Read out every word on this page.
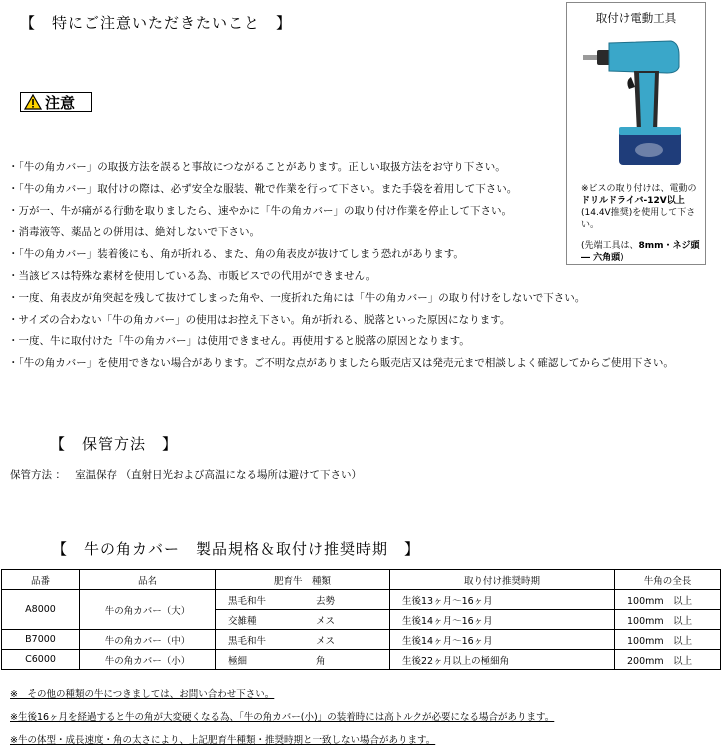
【　特にご注意いただきたいこと　】
注意
・「牛の角カバー」の取扱方法を誤ると事故につながることがあります。正しい取扱方法をお守り下さい。
・「牛の角カバー」取付けの際は、必ず安全な服装、靴で作業を行って下さい。また手袋を着用して下さい。
・万が一、牛が痛がる行動を取りましたら、速やかに「牛の角カバー」の取り付け作業を停止して下さい。
・消毒液等、薬品との併用は、絶対しないで下さい。
・「牛の角カバー」装着後にも、角が折れる、また、角の角表皮が抜けてしまう恐れがあります。
・当該ビスは特殊な素材を使用している為、市販ビスでの代用ができません。
・一度、角表皮が角突起を残して抜けてしまった角や、一度折れた角には「牛の角カバー」の取り付けをしないで下さい。
・サイズの合わない「牛の角カバー」の使用はお控え下さい。角が折れる、脱落といった原因になります。
・一度、牛に取付けた「牛の角カバー」は使用できません。再使用すると脱落の原因となります。
・「牛の角カバー」を使用できない場合があります。ご不明な点がありましたら販売店又は発売元まで相談しよく確認してからご使用下さい。
取付け電動工具
※ビスの取り付けは、電動のドリルドライバ-12V以上(14.4V推奨)を使用して下さい。
(先端工具は、8mm・ネジ頭 ― 六角頭)
【　保管方法　】
保管方法 ： 室温保存 （直射日光および高温になる場所は避けて下さい）
【　牛の角カバー　製品規格＆取付け推奨時期　】
品番	品名	肥育牛　種類	取り付け推奨時期	牛角の全長
A8000	牛の角カバー（大）	黒毛和牛 去勢	生後13ヶ月～16ヶ月	100mm　以上
		交雑種 メス	生後14ヶ月～16ヶ月	100mm　以上
B7000	牛の角カバー（中）	黒毛和牛 メス	生後14ヶ月～16ヶ月	100mm　以上
C6000	牛の角カバー（小）	極細 角	生後22ヶ月以上の極細角	200mm　以上
※　その他の種類の牛につきましては、お問い合わせ下さい。
※生後16ヶ月を経過すると牛の角が大変硬くなる為、「牛の角カバー(小)」の装着時には高トルクが必要になる場合があります。
※牛の体型・成長速度・角の太さにより、上記肥育牛種類・推奨時期と一致しない場合があります。
